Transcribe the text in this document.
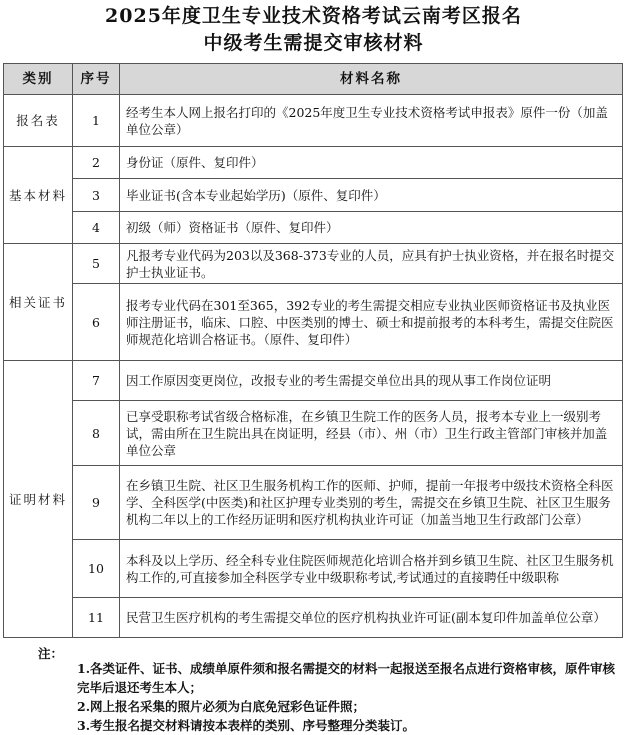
2025年度卫生专业技术资格考试云南考区报名
中级考生需提交审核材料
类别	序号	材料名称
报名表	1	经考生本人网上报名打印的《2025年度卫生专业技术资格考试申报表》原件一份（加盖单位公章）
基本材料	2	身份证（原件、复印件）
	3	毕业证书(含本专业起始学历)（原件、复印件）
	4	初级（师）资格证书（原件、复印件）
相关证书	5	凡报考专业代码为203以及368-373专业的人员，应具有护士执业资格，并在报名时提交护士执业证书。
	6	报考专业代码在301至365，392专业的考生需提交相应专业执业医师资格证书及执业医师注册证书，临床、口腔、中医类别的博士、硕士和提前报考的本科考生，需提交住院医师规范化培训合格证书。（原件、复印件）
证明材料	7	因工作原因变更岗位，改报专业的考生需提交单位出具的现从事工作岗位证明
	8	已享受职称考试省级合格标准，在乡镇卫生院工作的医务人员，报考本专业上一级别考试，需由所在卫生院出具在岗证明，经县（市）、州（市）卫生行政主管部门审核并加盖单位公章
	9	在乡镇卫生院、社区卫生服务机构工作的医师、护师，提前一年报考中级技术资格全科医学、全科医学(中医类)和社区护理专业类别的考生，需提交在乡镇卫生院、社区卫生服务机构二年以上的工作经历证明和医疗机构执业许可证（加盖当地卫生行政部门公章）
	10	本科及以上学历、经全科专业住院医师规范化培训合格并到乡镇卫生院、社区卫生服务机构工作的,可直接参加全科医学专业中级职称考试,考试通过的直接聘任中级职称
	11	民营卫生医疗机构的考生需提交单位的医疗机构执业许可证(副本复印件加盖单位公章）
注：

1.各类证件、证书、成绩单原件须和报名需提交的材料一起报送至报名点进行资格审核，原件审核完毕后退还考生本人；

2.网上报名采集的照片必须为白底免冠彩色证件照；

3.考生报名提交材料请按本表样的类别、序号整理分类装订。
